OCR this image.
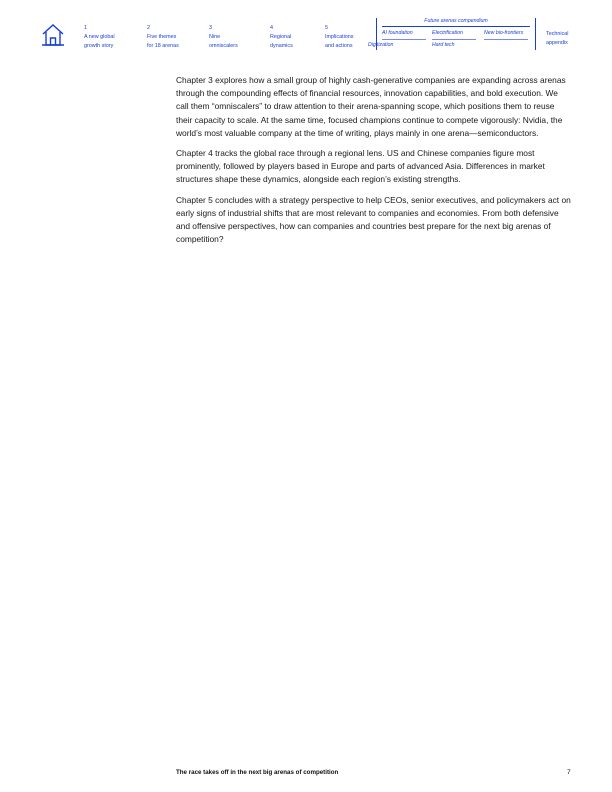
1
A new global
growth story
2
Five themes
for 18 arenas
3
Nine
omniscalers
4
Regional
dynamics
5
Implications
and actions
Future arenas compendium
AI foundation	Electrification	New bio-frontiers
Digitization	Hard tech
Technical
appendix

Chapter 3 explores how a small group of highly cash-generative companies are expanding across arenas through the compounding effects of financial resources, innovation capabilities, and bold execution. We call them “omniscalers” to draw attention to their arena-spanning scope, which positions them to reuse their capacity to scale. At the same time, focused champions continue to compete vigorously: Nvidia, the world’s most valuable company at the time of writing, plays mainly in one arena—semiconductors.

Chapter 4 tracks the global race through a regional lens. US and Chinese companies figure most prominently, followed by players based in Europe and parts of advanced Asia. Differences in market structures shape these dynamics, alongside each region’s existing strengths.

Chapter 5 concludes with a strategy perspective to help CEOs, senior executives, and policymakers act on early signs of industrial shifts that are most relevant to companies and economies. From both defensive and offensive perspectives, how can companies and countries best prepare for the next big arenas of competition?

The race takes off in the next big arenas of competition	7
